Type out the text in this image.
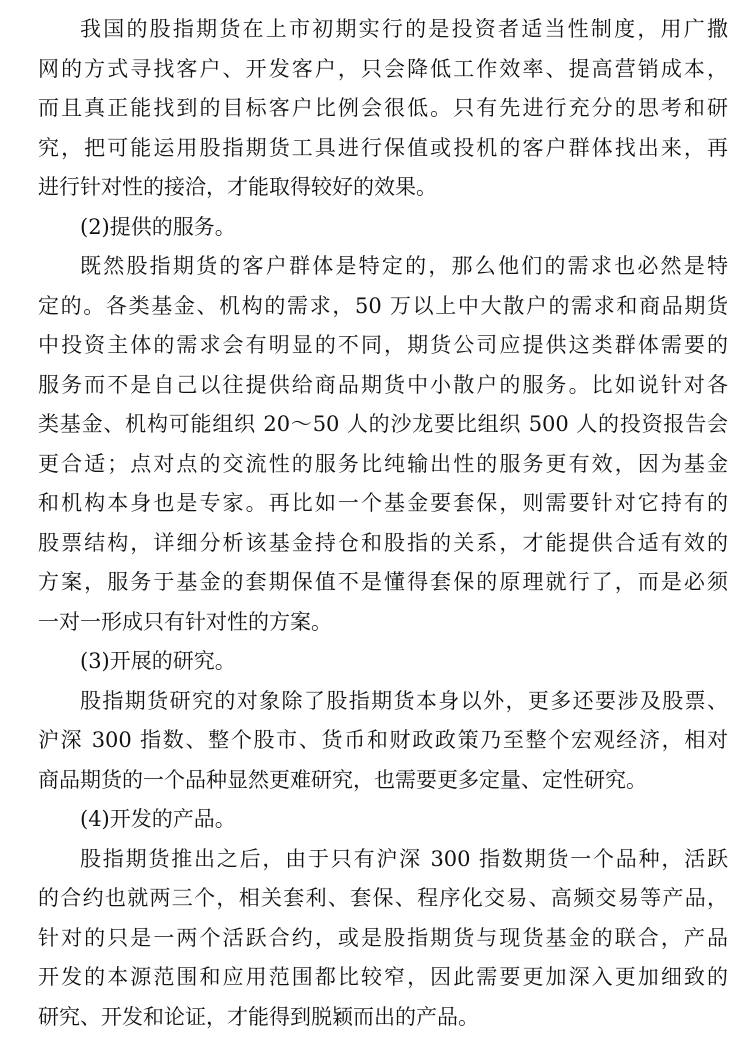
我国的股指期货在上市初期实行的是投资者适当性制度，用广撒
网的方式寻找客户、开发客户，只会降低工作效率、提高营销成本，
而且真正能找到的目标客户比例会很低。只有先进行充分的思考和研
究，把可能运用股指期货工具进行保值或投机的客户群体找出来，再
进行针对性的接洽，才能取得较好的效果。
(2)提供的服务。
既然股指期货的客户群体是特定的，那么他们的需求也必然是特
定的。各类基金、机构的需求，50 万以上中大散户的需求和商品期货
中投资主体的需求会有明显的不同，期货公司应提供这类群体需要的
服务而不是自己以往提供给商品期货中小散户的服务。比如说针对各
类基金、机构可能组织 20～50 人的沙龙要比组织 500 人的投资报告会
更合适；点对点的交流性的服务比纯输出性的服务更有效，因为基金
和机构本身也是专家。再比如一个基金要套保，则需要针对它持有的
股票结构，详细分析该基金持仓和股指的关系，才能提供合适有效的
方案，服务于基金的套期保值不是懂得套保的原理就行了，而是必须
一对一形成只有针对性的方案。
(3)开展的研究。
股指期货研究的对象除了股指期货本身以外，更多还要涉及股票、
沪深 300 指数、整个股市、货币和财政政策乃至整个宏观经济，相对
商品期货的一个品种显然更难研究，也需要更多定量、定性研究。
(4)开发的产品。
股指期货推出之后，由于只有沪深 300 指数期货一个品种，活跃
的合约也就两三个，相关套利、套保、程序化交易、高频交易等产品，
针对的只是一两个活跃合约，或是股指期货与现货基金的联合，产品
开发的本源范围和应用范围都比较窄，因此需要更加深入更加细致的
研究、开发和论证，才能得到脱颖而出的产品。
